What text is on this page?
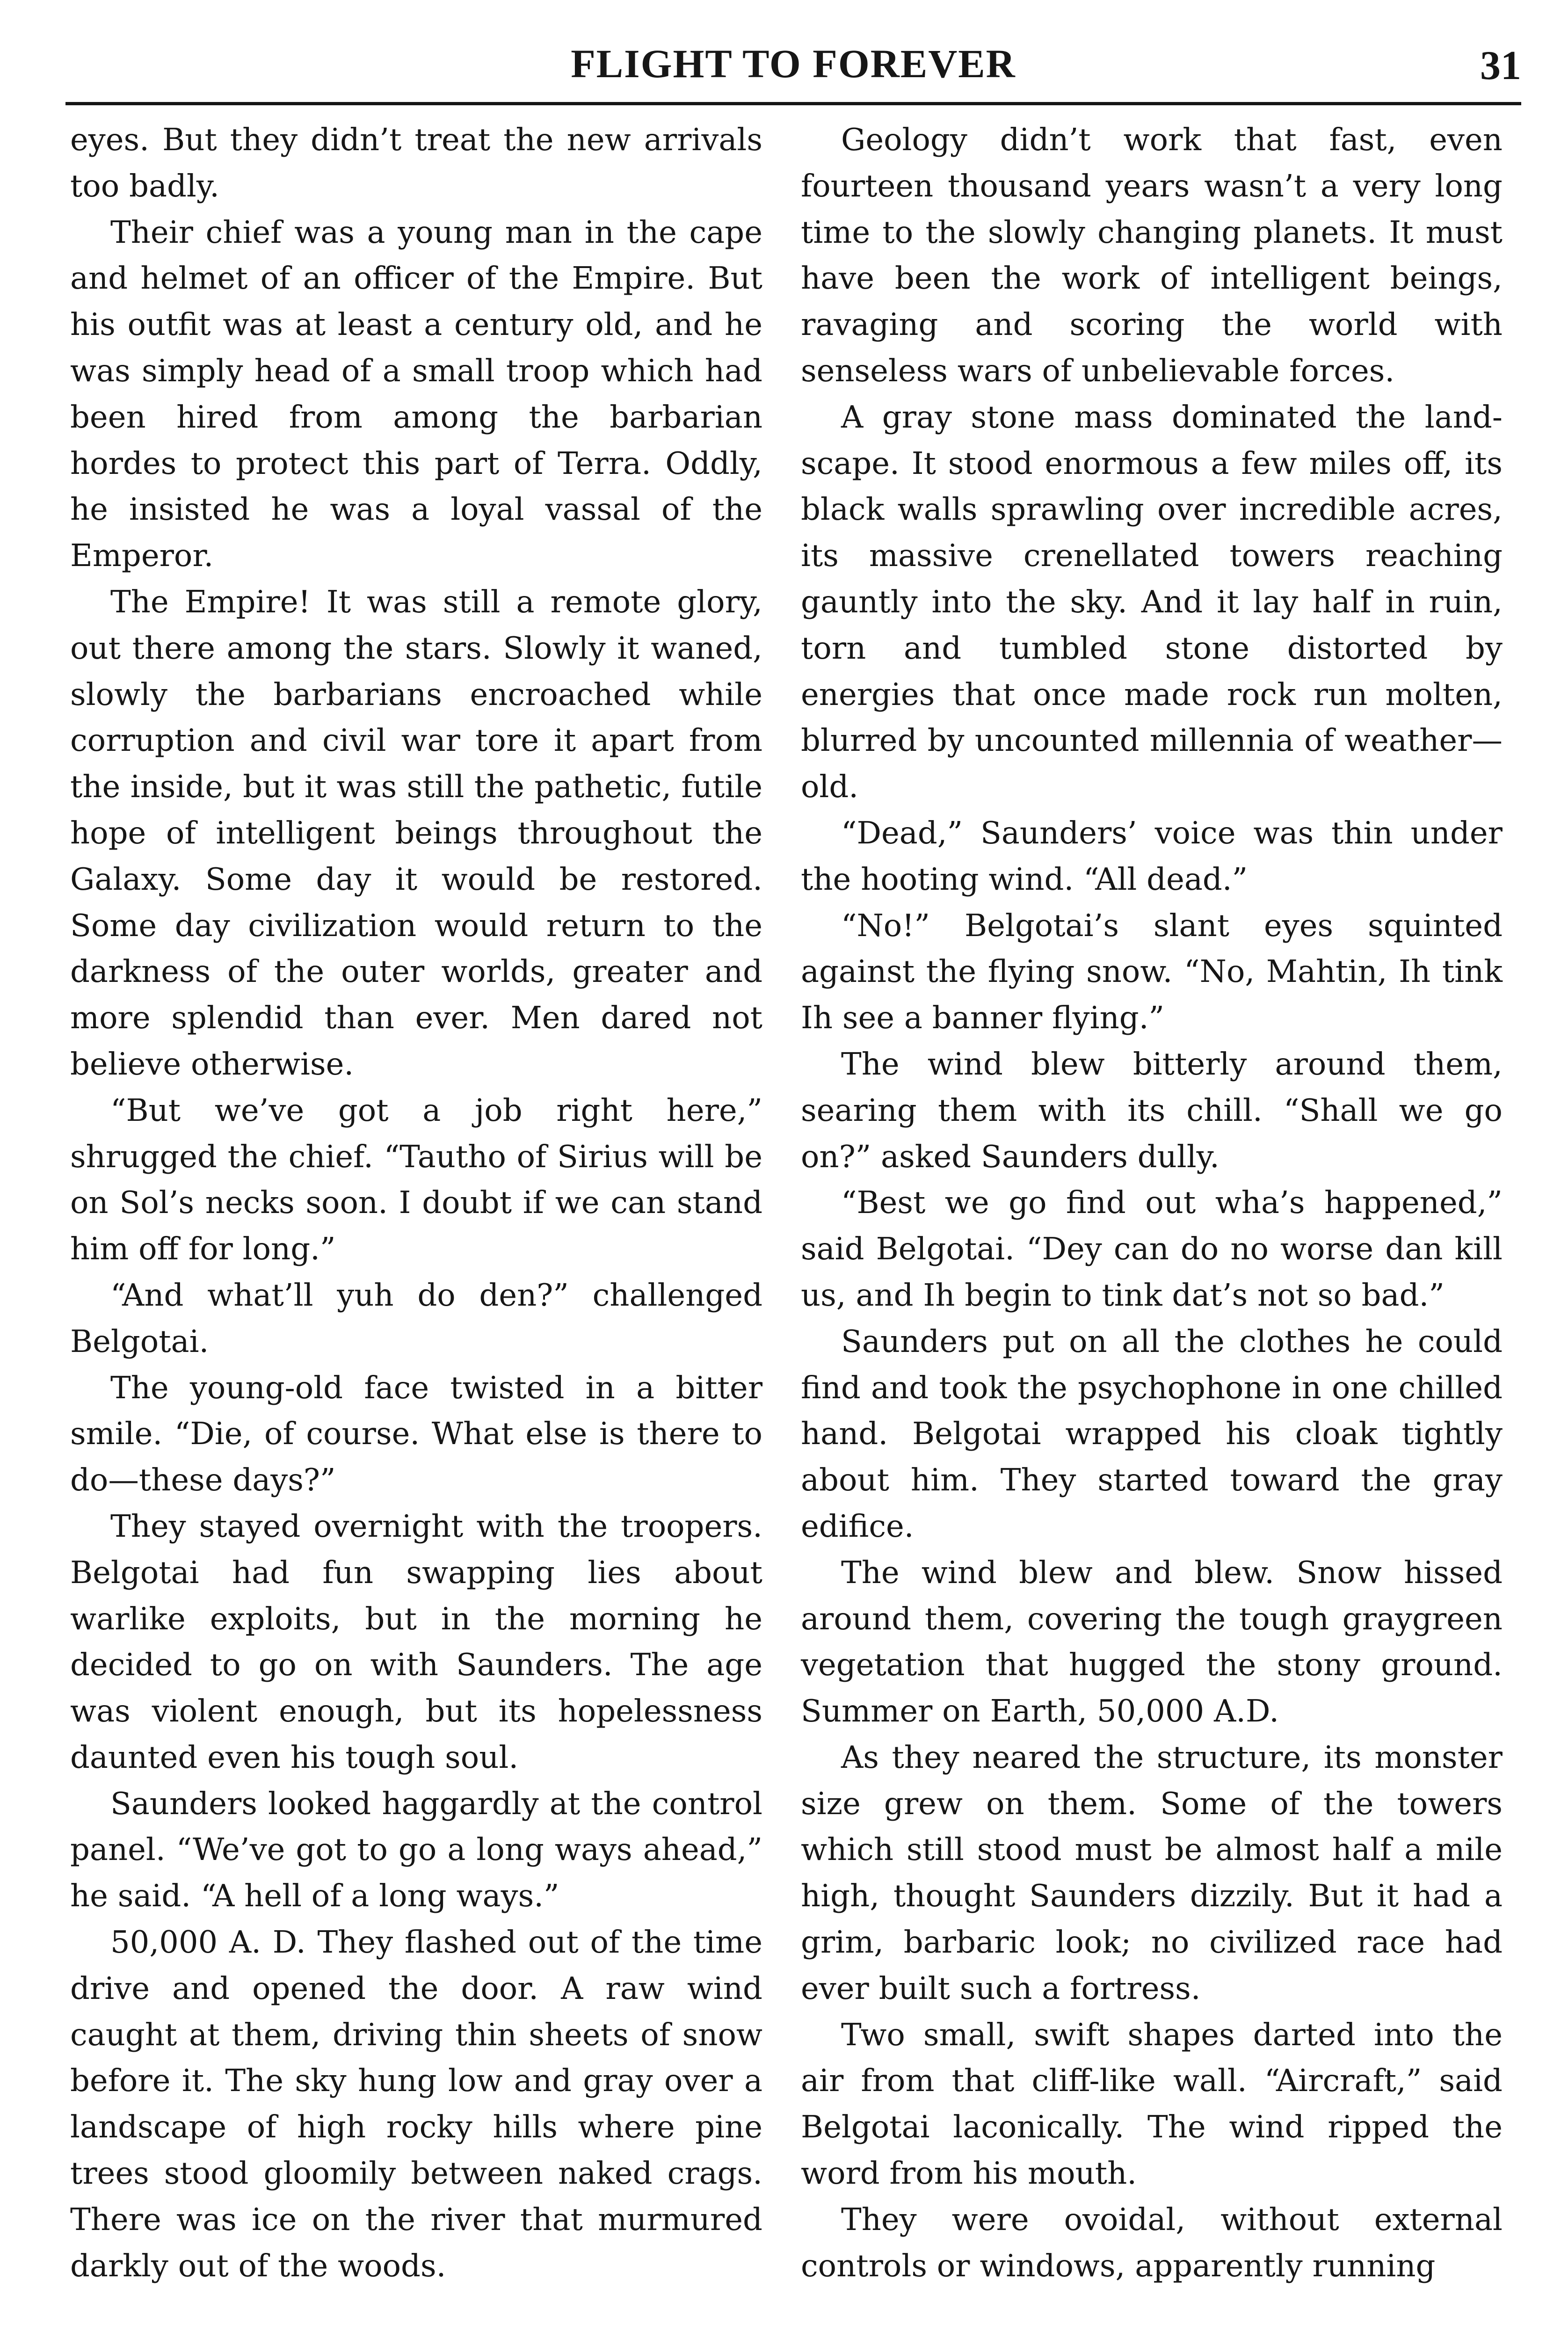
FLIGHT TO FOREVER	31

eyes. But they didn’t treat the new arrivals too badly.

Their chief was a young man in the cape and helmet of an officer of the Empire. But his outfit was at least a century old, and he was simply head of a small troop which had been hired from among the barbarian hordes to protect this part of Terra. Oddly, he insisted he was a loyal vassal of the Emperor.

The Empire! It was still a remote glory, out there among the stars. Slowly it waned, slowly the barbarians encroached while corruption and civil war tore it apart from the inside, but it was still the pathetic, futile hope of intelligent beings throughout the Galaxy. Some day it would be restored. Some day civilization would return to the darkness of the outer worlds, greater and more splendid than ever. Men dared not believe otherwise.

“But we’ve got a job right here,” shrugged the chief. “Tautho of Sirius will be on Sol’s necks soon. I doubt if we can stand him off for long.”

“And what’ll yuh do den?” challenged Belgotai.

The young-old face twisted in a bitter smile. “Die, of course. What else is there to do—these days?”

They stayed overnight with the troopers. Belgotai had fun swapping lies about warlike exploits, but in the morning he decided to go on with Saunders. The age was violent enough, but its hopelessness daunted even his tough soul.

Saunders looked haggardly at the control panel. “We’ve got to go a long ways ahead,” he said. “A hell of a long ways.”

50,000 A. D. They flashed out of the time drive and opened the door. A raw wind caught at them, driving thin sheets of snow before it. The sky hung low and gray over a landscape of high rocky hills where pine trees stood gloomily between naked crags. There was ice on the river that murmured darkly out of the woods.

Geology didn’t work that fast, even fourteen thousand years wasn’t a very long time to the slowly changing planets. It must have been the work of intelligent beings, ravaging and scoring the world with senseless wars of unbelievable forces.

A gray stone mass dominated the landscape. It stood enormous a few miles off, its black walls sprawling over incredible acres, its massive crenellated towers reaching gauntly into the sky. And it lay half in ruin, torn and tumbled stone distorted by energies that once made rock run molten, blurred by uncounted millennia of weather—old.

“Dead,” Saunders’ voice was thin under the hooting wind. “All dead.”

“No!” Belgotai’s slant eyes squinted against the flying snow. “No, Mahtin, Ih tink Ih see a banner flying.”

The wind blew bitterly around them, searing them with its chill. “Shall we go on?” asked Saunders dully.

“Best we go find out wha’s happened,” said Belgotai. “Dey can do no worse dan kill us, and Ih begin to tink dat’s not so bad.”

Saunders put on all the clothes he could find and took the psychophone in one chilled hand. Belgotai wrapped his cloak tightly about him. They started toward the gray edifice.

The wind blew and blew. Snow hissed around them, covering the tough graygreen vegetation that hugged the stony ground. Summer on Earth, 50,000 A.D.

As they neared the structure, its monster size grew on them. Some of the towers which still stood must be almost half a mile high, thought Saunders dizzily. But it had a grim, barbaric look; no civilized race had ever built such a fortress.

Two small, swift shapes darted into the air from that cliff-like wall. “Aircraft,” said Belgotai laconically. The wind ripped the word from his mouth.

They were ovoidal, without external controls or windows, apparently running
